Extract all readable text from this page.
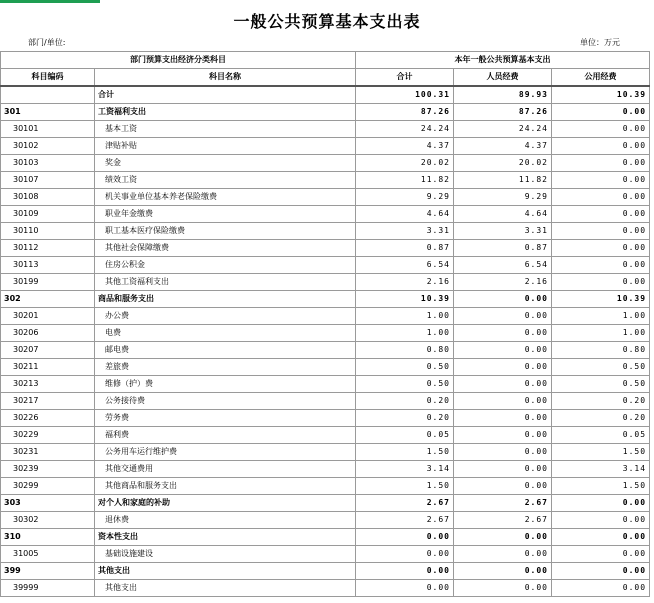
一般公共预算基本支出表
部门/单位:	单位：万元
部门预算支出经济分类科目		本年一般公共预算基本支出		
科目编码	科目名称	合计	人员经费	公用经费
	合计	100.31	89.93	10.39
301	工资福利支出	87.26	87.26	0.00
30101	基本工资	24.24	24.24	0.00
30102	津贴补贴	4.37	4.37	0.00
30103	奖金	20.02	20.02	0.00
30107	绩效工资	11.82	11.82	0.00
30108	机关事业单位基本养老保险缴费	9.29	9.29	0.00
30109	职业年金缴费	4.64	4.64	0.00
30110	职工基本医疗保险缴费	3.31	3.31	0.00
30112	其他社会保障缴费	0.87	0.87	0.00
30113	住房公积金	6.54	6.54	0.00
30199	其他工资福利支出	2.16	2.16	0.00
302	商品和服务支出	10.39	0.00	10.39
30201	办公费	1.00	0.00	1.00
30206	电费	1.00	0.00	1.00
30207	邮电费	0.80	0.00	0.80
30211	差旅费	0.50	0.00	0.50
30213	维修（护）费	0.50	0.00	0.50
30217	公务接待费	0.20	0.00	0.20
30226	劳务费	0.20	0.00	0.20
30229	福利费	0.05	0.00	0.05
30231	公务用车运行维护费	1.50	0.00	1.50
30239	其他交通费用	3.14	0.00	3.14
30299	其他商品和服务支出	1.50	0.00	1.50
303	对个人和家庭的补助	2.67	2.67	0.00
30302	退休费	2.67	2.67	0.00
310	资本性支出	0.00	0.00	0.00
31005	基础设施建设	0.00	0.00	0.00
399	其他支出	0.00	0.00	0.00
39999	其他支出	0.00	0.00	0.00
